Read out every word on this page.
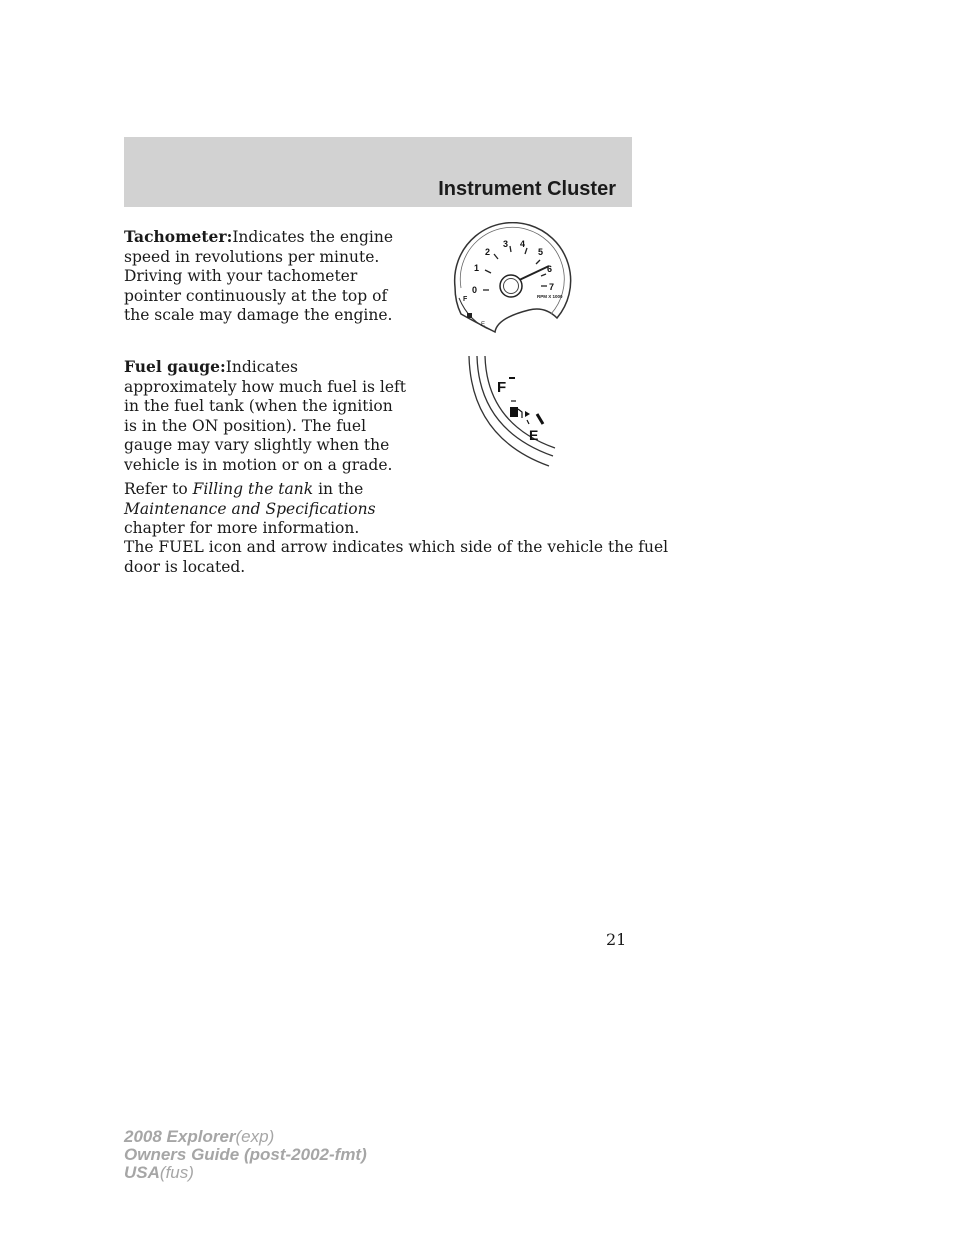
Instrument Cluster

Tachometer:Indicates the engine
speed in revolutions per minute.
Driving with your tachometer
pointer continuously at the top of
the scale may damage the engine.

F
E
0
1
2
3 4
5
6
7
RPM X 1000

Fuel gauge:Indicates
approximately how much fuel is left
in the fuel tank (when the ignition
is in the ON position). The fuel
gauge may vary slightly when the
vehicle is in motion or on a grade.

F
E

Refer to Filling the tank in the
Maintenance and Specifications
chapter for more information.

The FUEL icon and arrow indicates which side of the vehicle the fuel
door is located.

21
2008 Explorer(exp)
Owners Guide (post-2002-fmt)
USA(fus)
